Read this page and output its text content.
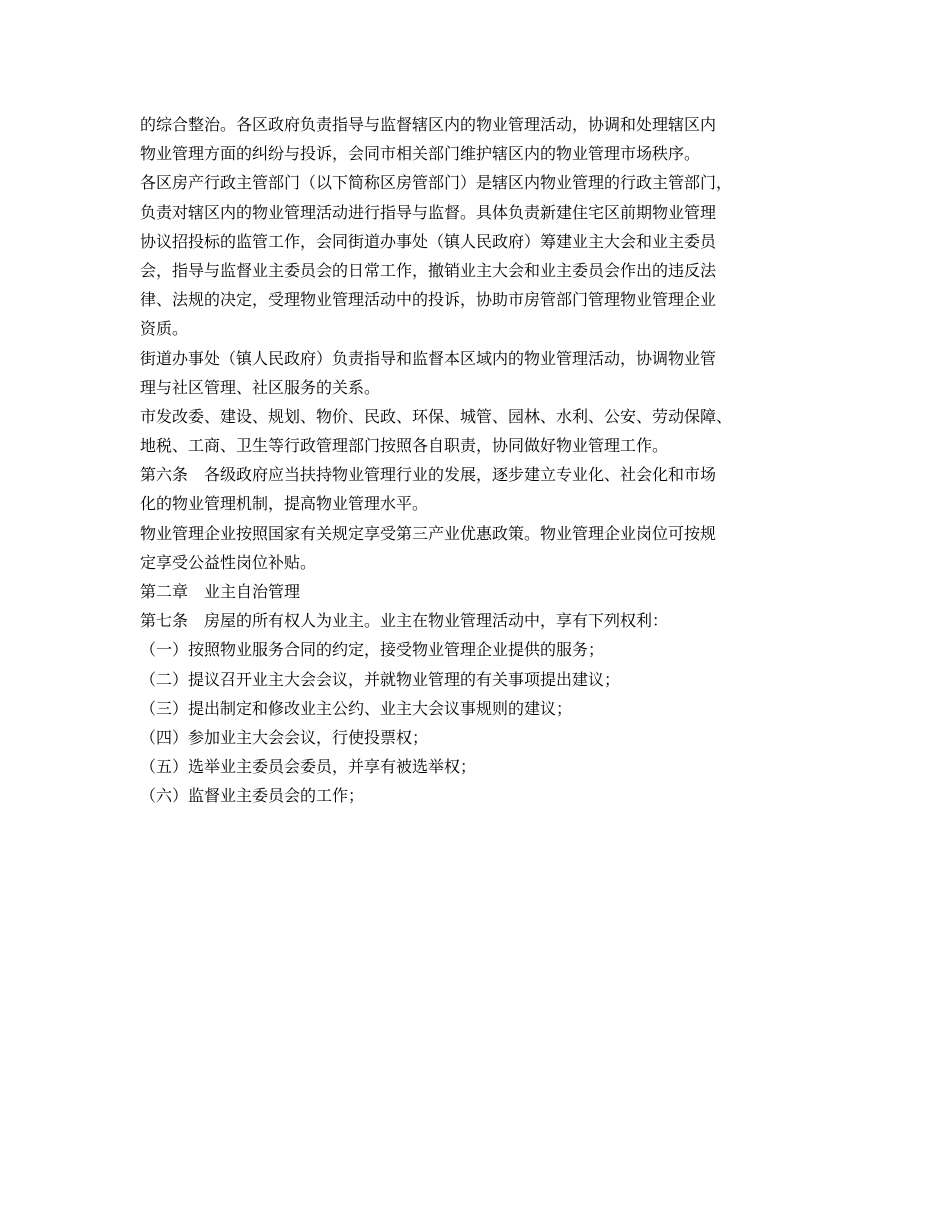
的综合整治。各区政府负责指导与监督辖区内的物业管理活动，协调和处理辖区内
物业管理方面的纠纷与投诉，会同市相关部门维护辖区内的物业管理市场秩序。
各区房产行政主管部门（以下简称区房管部门）是辖区内物业管理的行政主管部门，
负责对辖区内的物业管理活动进行指导与监督。具体负责新建住宅区前期物业管理
协议招投标的监管工作，会同街道办事处（镇人民政府）筹建业主大会和业主委员
会，指导与监督业主委员会的日常工作，撤销业主大会和业主委员会作出的违反法
律、法规的决定，受理物业管理活动中的投诉，协助市房管部门管理物业管理企业
资质。
街道办事处（镇人民政府）负责指导和监督本区域内的物业管理活动，协调物业管
理与社区管理、社区服务的关系。
市发改委、建设、规划、物价、民政、环保、城管、园林、水利、公安、劳动保障、
地税、工商、卫生等行政管理部门按照各自职责，协同做好物业管理工作。
第六条　各级政府应当扶持物业管理行业的发展，逐步建立专业化、社会化和市场
化的物业管理机制，提高物业管理水平。
物业管理企业按照国家有关规定享受第三产业优惠政策。物业管理企业岗位可按规
定享受公益性岗位补贴。
第二章　业主自治管理
第七条　房屋的所有权人为业主。业主在物业管理活动中，享有下列权利：
（一）按照物业服务合同的约定，接受物业管理企业提供的服务；
（二）提议召开业主大会会议，并就物业管理的有关事项提出建议；
（三）提出制定和修改业主公约、业主大会议事规则的建议；
（四）参加业主大会会议，行使投票权；
（五）选举业主委员会委员，并享有被选举权；
（六）监督业主委员会的工作；
